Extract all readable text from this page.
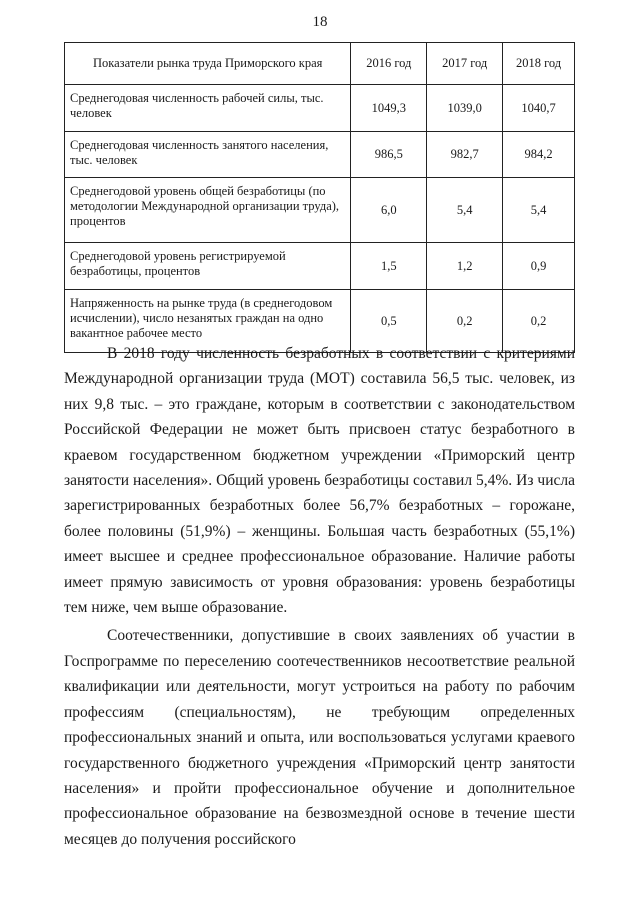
18
Показатели рынка труда Приморского края	2016 год	2017 год	2018 год
Среднегодовая численность рабочей силы, тыс. человек	1049,3	1039,0	1040,7
Среднегодовая численность занятого населения, тыс. человек	986,5	982,7	984,2
Среднегодовой уровень общей безработицы (по методологии Международной организации труда), процентов	6,0	5,4	5,4
Среднегодовой уровень регистрируемой безработицы, процентов	1,5	1,2	0,9
Напряженность на рынке труда (в среднегодовом исчислении), число незанятых граждан на одно вакантное рабочее место	0,5	0,2	0,2

В 2018 году численность безработных в соответствии с критериями Международной организации труда (МОТ) составила 56,5 тыс. человек, из них 9,8 тыс. – это граждане, которым в соответствии с законодательством Российской Федерации не может быть присвоен статус безработного в краевом государственном бюджетном учреждении «Приморский центр занятости населения». Общий уровень безработицы составил 5,4%. Из числа зарегистрированных безработных более 56,7% безработных – горожане, более половины (51,9%) – женщины. Большая часть безработных (55,1%) имеет высшее и среднее профессиональное образование. Наличие работы имеет прямую зависимость от уровня образования: уровень безработицы тем ниже, чем выше образование.

Соотечественники, допустившие в своих заявлениях об участии в Госпрограмме по переселению соотечественников несоответствие реальной квалификации или деятельности, могут устроиться на работу по рабочим профессиям (специальностям), не требующим определенных профессиональных знаний и опыта, или воспользоваться услугами краевого государственного бюджетного учреждения «Приморский центр занятости населения» и пройти профессиональное обучение и дополнительное профессиональное образование на безвозмездной основе в течение шести месяцев до получения российского
